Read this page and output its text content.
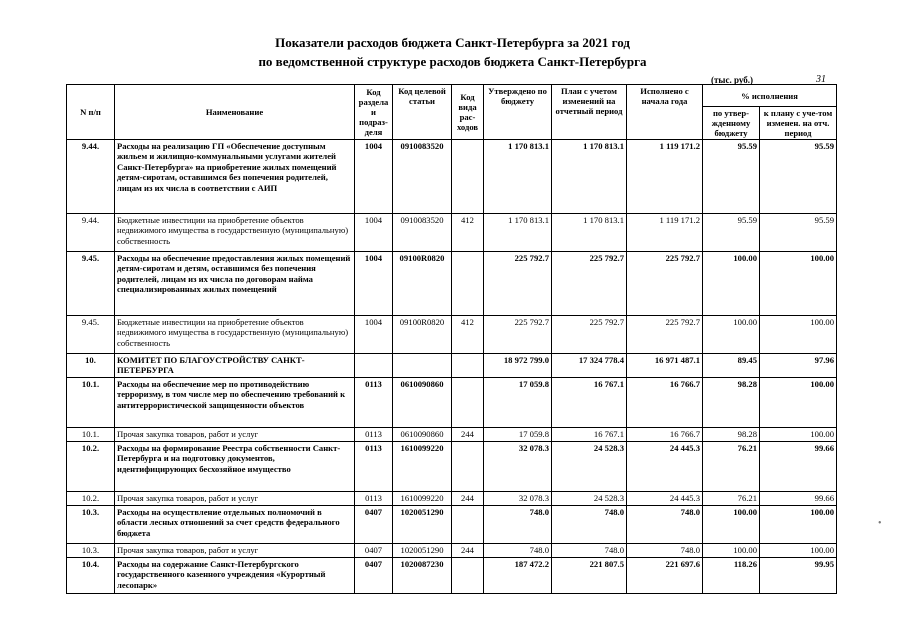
Показатели расходов бюджета Санкт-Петербурга за 2021 год
по ведомственной структуре расходов бюджета Санкт-Петербурга
(тыс. руб.)	31
•
N п/п	Наименование	Код раздела и подраз-деля	Код целевой статьи	Код вида рас-ходов	Утверждено по бюджету	План с учетом изменений на отчетный период	Исполнено с начала года	% исполнения	
								по утвер-жденному бюджету	к плану с уче-том изменен. на отч. период
9.44.	Расходы на реализацию ГП «Обеспечение доступным жильем и жилищно-коммунальными услугами жителей Санкт-Петербурга» на приобретение жилых помещений детям-сиротам, оставшимся без попечения родителей, лицам из их числа в соответствии с АИП	1004	0910083520		1 170 813.1	1 170 813.1	1 119 171.2	95.59	95.59
9.44.	Бюджетные инвестиции на приобретение объектов недвижимого имущества в государственную (муниципальную) собственность	1004	0910083520	412	1 170 813.1	1 170 813.1	1 119 171.2	95.59	95.59
9.45.	Расходы на обеспечение предоставления жилых помещений детям-сиротам и детям, оставшимся без попечения родителей, лицам из их числа по договорам найма специализированных жилых помещений	1004	09100R0820		225 792.7	225 792.7	225 792.7	100.00	100.00
9.45.	Бюджетные инвестиции на приобретение объектов недвижимого имущества в государственную (муниципальную) собственность	1004	09100R0820	412	225 792.7	225 792.7	225 792.7	100.00	100.00
10.	КОМИТЕТ ПО БЛАГОУСТРОЙСТВУ САНКТ-ПЕТЕРБУРГА				18 972 799.0	17 324 778.4	16 971 487.1	89.45	97.96
10.1.	Расходы на обеспечение мер по противодействию терроризму, в том числе мер по обеспечению требований к антитеррористической защищенности объектов	0113	0610090860		17 059.8	16 767.1	16 766.7	98.28	100.00
10.1.	Прочая закупка товаров, работ и услуг	0113	0610090860	244	17 059.8	16 767.1	16 766.7	98.28	100.00
10.2.	Расходы на формирование Реестра собственности Санкт-Петербурга и на подготовку документов, идентифицирующих бесхозяйное имущество	0113	1610099220		32 078.3	24 528.3	24 445.3	76.21	99.66
10.2.	Прочая закупка товаров, работ и услуг	0113	1610099220	244	32 078.3	24 528.3	24 445.3	76.21	99.66
10.3.	Расходы на осуществление отдельных полномочий в области лесных отношений за счет средств федерального бюджета	0407	1020051290		748.0	748.0	748.0	100.00	100.00
10.3.	Прочая закупка товаров, работ и услуг	0407	1020051290	244	748.0	748.0	748.0	100.00	100.00
10.4.	Расходы на содержание Санкт-Петербургского государственного казенного учреждения «Курортный лесопарк»	0407	1020087230		187 472.2	221 807.5	221 697.6	118.26	99.95
